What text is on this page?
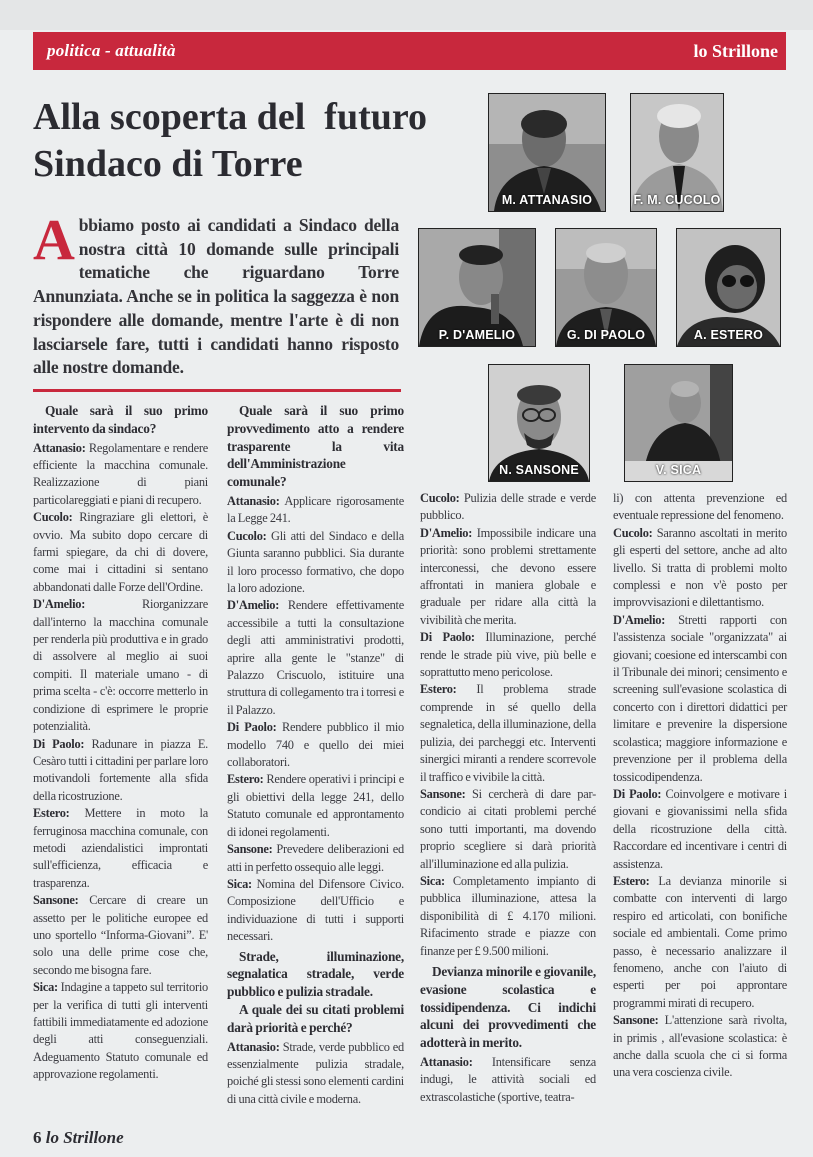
politica - attualità	lo Strillone
Alla scoperta del  futuro
Sindaco di Torre
Abbiamo posto ai candidati a Sindaco della nostra città 10 domande sulle principali tematiche che riguardano Torre Annunziata. Anche se in politica la saggezza è non rispondere alle domande, mentre l'arte è di non lasciarsele fare, tutti i candidati hanno risposto alle nostre domande.
M. ATTANASIO	F. M. CUCOLO
P. D'AMELIO	G. DI PAOLO	A. ESTERO
N. SANSONE	V. SICA

Quale sarà il suo primo intervento da sindaco?

Attanasio: Regolamentare e rendere efficiente la macchina comunale. Realizzazione di piani particolareggiati e piani di recupero.

Cucolo: Ringraziare gli elettori, è ovvio. Ma subito dopo cercare di farmi spiegare, da chi di dovere, come mai i cittadini si sentano abbandonati dalle Forze dell'Ordine.

D'Amelio: Riorganizzare dall'interno la macchina comunale per renderla più produttiva e in grado di assolvere al meglio ai suoi compiti. Il materiale umano - di prima scelta - c'è: occorre metterlo in condizione di esprimere le proprie potenzialità.

Di Paolo: Radunare in piazza E. Cesàro tutti i cittadini per parlare loro motivandoli fortemente alla sfida della ricostruzione.

Estero: Mettere in moto la ferruginosa macchina comunale, con metodi aziendalistici improntati sull'efficienza, efficacia e trasparenza.

Sansone: Cercare di creare un assetto per le politiche europee ed uno sportello “Informa-Giovani”. E' solo una delle prime cose che, secondo me bisogna fare.

Sica: Indagine a tappeto sul territorio per la verifica di tutti gli interventi fattibili immediatamente ed adozione degli atti conseguenziali. Adeguamento Statuto comunale ed approvazione regolamenti.

Quale sarà il suo primo provvedimento atto a rendere trasparente la vita dell'Amministrazione comunale?

Attanasio: Applicare rigorosamente la Legge 241.

Cucolo: Gli atti del Sindaco e della Giunta saranno pubblici. Sia durante il loro processo formativo, che dopo la loro adozione.

D'Amelio: Rendere effettivamente accessibile a tutti la consultazione degli atti amministrativi prodotti, aprire alla gente le "stanze" di Palazzo Criscuolo, istituire una struttura di collegamento tra i torresi e il Palazzo.

Di Paolo: Rendere pubblico il mio modello 740 e quello dei miei collaboratori.

Estero: Rendere operativi i principi e gli obiettivi della legge 241, dello Statuto comunale ed approntamento di idonei regolamenti.

Sansone: Prevedere deliberazioni ed atti in perfetto ossequio alle leggi.

Sica: Nomina del Difensore Civico. Composizione dell'Ufficio e individuazione di tutti i supporti necessari.

Strade, illuminazione, segnalatica stradale, verde pubblico e pulizia stradale.

A quale dei su citati problemi darà priorità e perché?

Attanasio: Strade, verde pubblico ed essenzialmente pulizia stradale, poiché gli stessi sono elementi cardini di una città civile e moderna.

Cucolo: Pulizia delle strade e verde pubblico.

D'Amelio: Impossibile indicare una priorità: sono problemi strettamente interconessi, che devono essere affrontati in maniera globale e graduale per ridare alla città la vivibilità che merita.

Di Paolo: Illuminazione, perché rende le strade più vive, più belle e soprattutto meno pericolose.

Estero: Il problema strade comprende in sé quello della segnaletica, della illuminazione, della pulizia, dei parcheggi etc. Interventi sinergici miranti a rendere scorrevole il traffico e vivibile la città.

Sansone: Si cercherà di dare par-condicio ai citati problemi perché sono tutti importanti, ma dovendo proprio scegliere si darà priorità all'illuminazione ed alla pulizia.

Sica: Completamento impianto di pubblica illuminazione, attesa la disponibilità di £ 4.170 milioni. Rifacimento strade e piazze con finanze per £ 9.500 milioni.

Devianza minorile e giovanile, evasione scolastica e tossidipendenza. Ci indichi alcuni dei provvedimenti che adotterà in merito.

Attanasio: Intensificare senza indugi, le attività sociali ed extrascolastiche (sportive, teatra-

li) con attenta prevenzione ed eventuale repressione del fenomeno.

Cucolo: Saranno ascoltati in merito gli esperti del settore, anche ad alto livello. Si tratta di problemi molto complessi e non v'è posto per improvvisazioni e dilettantismo.

D'Amelio: Stretti rapporti con l'assistenza sociale "organizzata" ai giovani; coesione ed interscambi con il Tribunale dei minori; censimento e screening sull'evasione scolastica di concerto con i direttori didattici per limitare e prevenire la dispersione scolastica; maggiore informazione e prevenzione per il problema della tossicodipendenza.

Di Paolo: Coinvolgere e motivare i giovani e giovanissimi nella sfida della ricostruzione della città. Raccordare ed incentivare i centri di assistenza.

Estero: La devianza minorile si combatte con interventi di largo respiro ed articolati, con bonifiche sociale ed ambientali. Come primo passo, è necessario analizzare il fenomeno, anche con l'aiuto di esperti per poi approntare programmi mirati di recupero.

Sansone: L'attenzione sarà rivolta, in primis , all'evasione scolastica: è anche dalla scuola che ci si forma una vera coscienza civile.

6 lo Strillone
